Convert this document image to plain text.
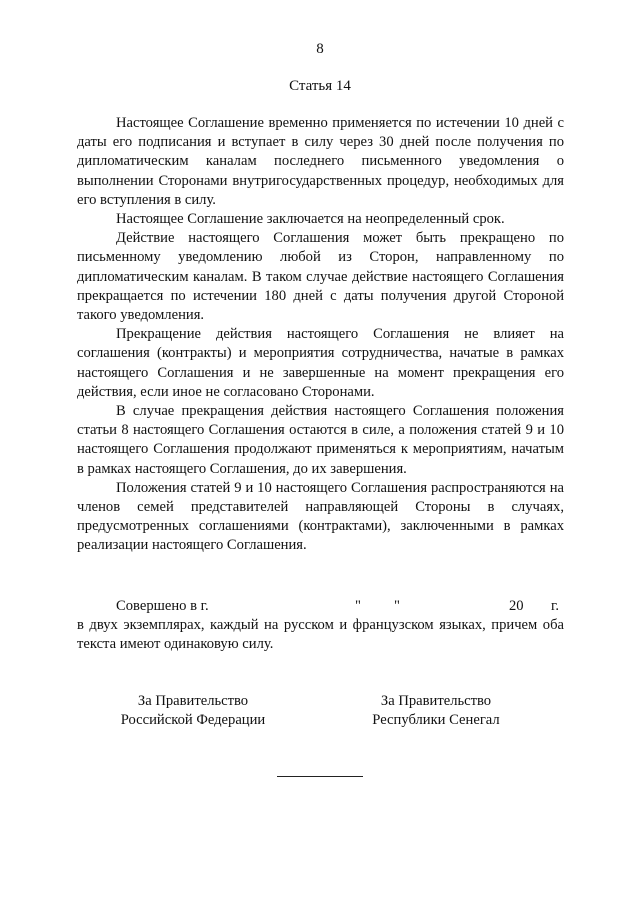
8
Статья 14

Настоящее Соглашение временно применяется по истечении 10 дней с даты его подписания и вступает в силу через 30 дней после получения по дипломатическим каналам последнего письменного уведомления о выполнении Сторонами внутригосударственных процедур, необходимых для его вступления в силу.

Настоящее Соглашение заключается на неопределенный срок.

Действие настоящего Соглашения может быть прекращено по письменному уведомлению любой из Сторон, направленному по дипломатическим каналам. В таком случае действие настоящего Соглашения прекращается по истечении 180 дней с даты получения другой Стороной такого уведомления.

Прекращение действия настоящего Соглашения не влияет на соглашения (контракты) и мероприятия сотрудничества, начатые в рамках настоящего Соглашения и не завершенные на момент прекращения его действия, если иное не согласовано Сторонами.

В случае прекращения действия настоящего Соглашения положения статьи 8 настоящего Соглашения остаются в силе, а положения статей 9 и 10 настоящего Соглашения продолжают применяться к мероприятиям, начатым в рамках настоящего Соглашения, до их завершения.

Положения статей 9 и 10 настоящего Соглашения распространяются на членов семей представителей направляющей Стороны в случаях, предусмотренных соглашениями (контрактами), заключенными в рамках реализации настоящего Соглашения.

Совершено в г.	" "	20 г.

в двух экземплярах, каждый на русском и французском языках, причем оба текста имеют одинаковую силу.

За Правительство
Российской Федерации
За Правительство
Республики Сенегал
